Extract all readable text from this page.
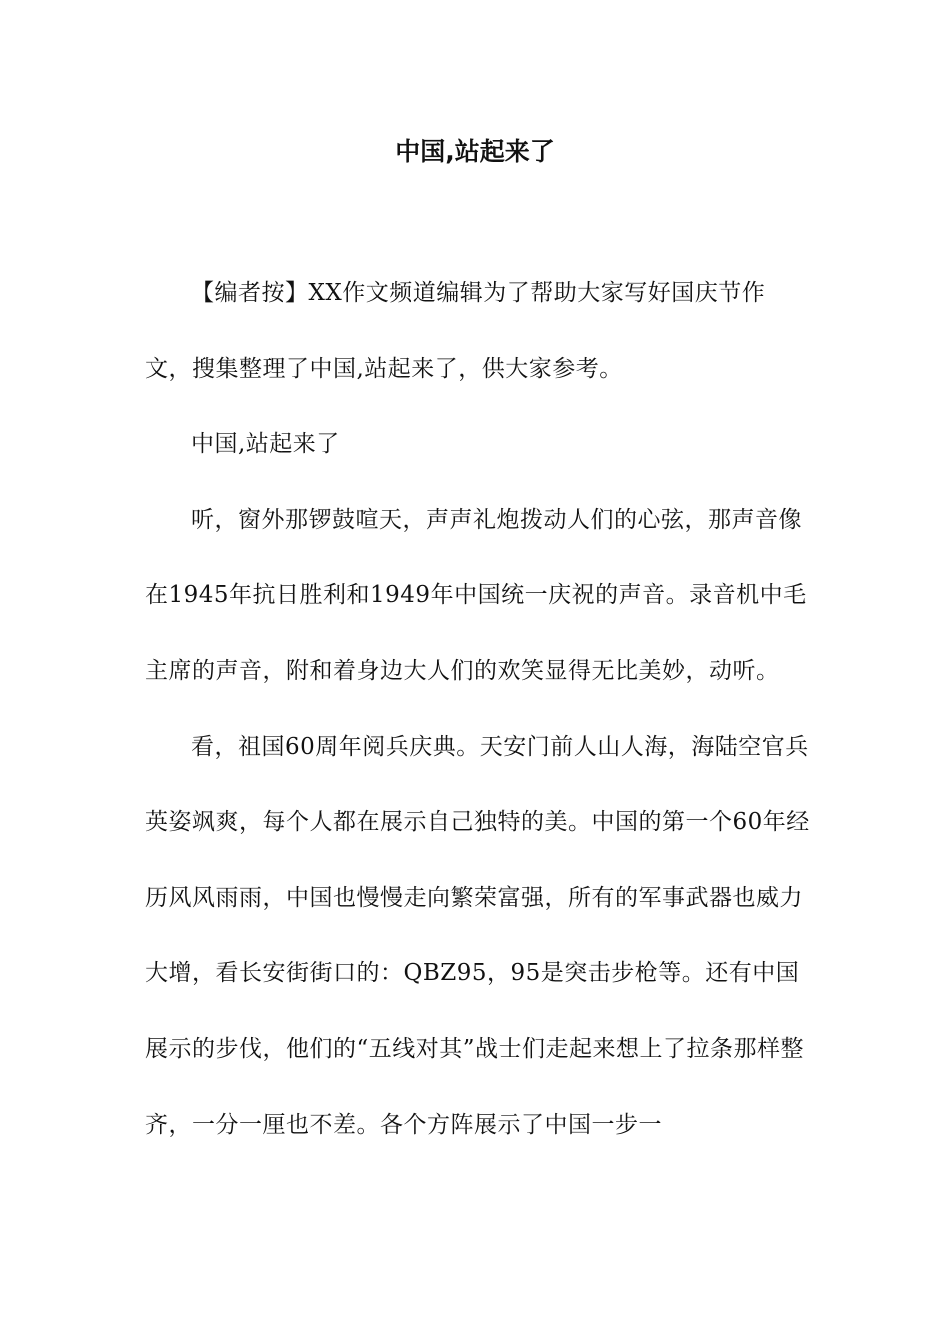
中国,站起来了

【编者按】XX作文频道编辑为了帮助大家写好国庆节作文，搜集整理了中国,站起来了，供大家参考。

中国,站起来了

听，窗外那锣鼓喧天，声声礼炮拨动人们的心弦，那声音像在1945年抗日胜利和1949年中国统一庆祝的声音。录音机中毛主席的声音，附和着身边大人们的欢笑显得无比美妙，动听。

看，祖国60周年阅兵庆典。天安门前人山人海，海陆空官兵英姿飒爽，每个人都在展示自己独特的美。中国的第一个60年经历风风雨雨，中国也慢慢走向繁荣富强，所有的军事武器也威力大增，看长安街街口的：QBZ95，95是突击步枪等。还有中国展示的步伐，他们的“五线对其”战士们走起来想上了拉条那样整齐，一分一厘也不差。各个方阵展示了中国一步一
